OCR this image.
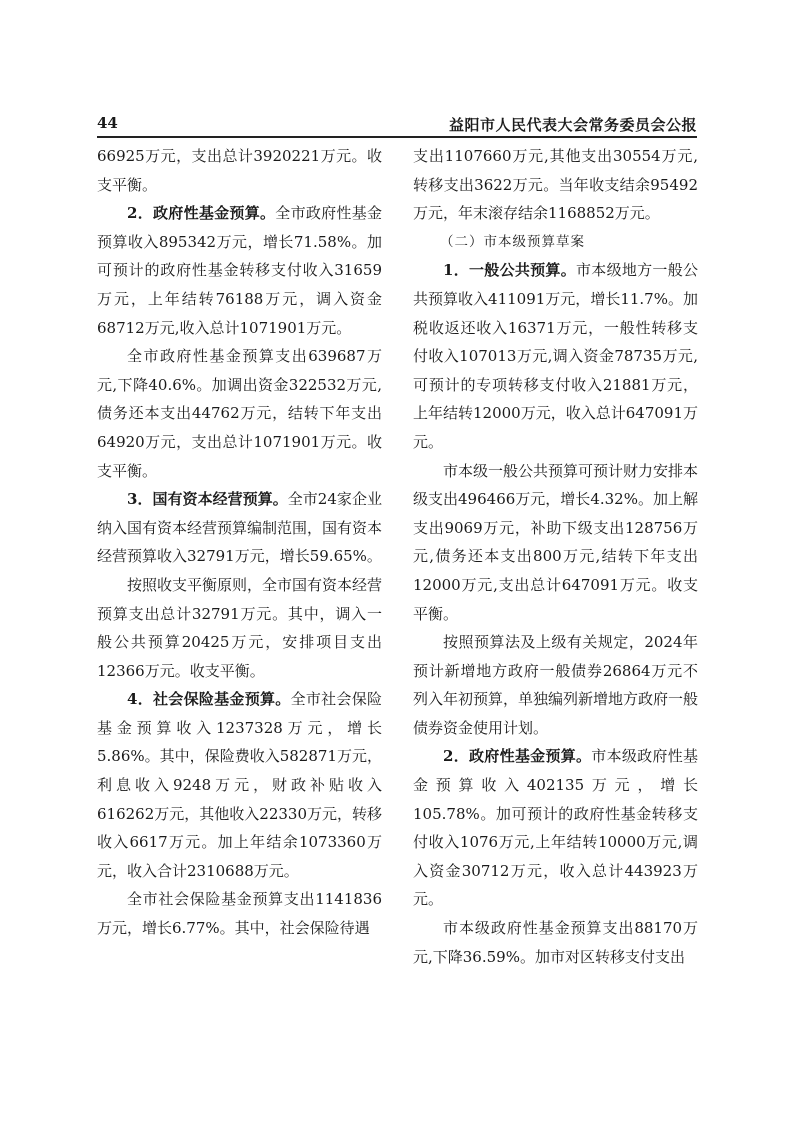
44	益阳市人民代表大会常务委员会公报

66925万元，支出总计3920221万元。收支平衡。

2．政府性基金预算。全市政府性基金预算收入895342万元，增长71.58%。加可预计的政府性基金转移支付收入31659万元，上年结转76188万元，调入资金68712万元,收入总计1071901万元。

全市政府性基金预算支出639687万元,下降40.6%。加调出资金322532万元,债务还本支出44762万元，结转下年支出64920万元，支出总计1071901万元。收支平衡。

3．国有资本经营预算。全市24家企业纳入国有资本经营预算编制范围，国有资本经营预算收入32791万元，增长59.65%。

按照收支平衡原则，全市国有资本经营预算支出总计32791万元。其中，调入一般公共预算20425万元，安排项目支出12366万元。收支平衡。

4．社会保险基金预算。全市社会保险基金预算收入1237328万元，增长5.86%。其中，保险费收入582871万元，利息收入9248万元，财政补贴收入616262万元，其他收入22330万元，转移收入6617万元。加上年结余1073360万元，收入合计2310688万元。

全市社会保险基金预算支出1141836万元，增长6.77%。其中，社会保险待遇

支出1107660万元,其他支出30554万元,转移支出3622万元。当年收支结余95492万元，年末滚存结余1168852万元。

（二）市本级预算草案

1．一般公共预算。市本级地方一般公共预算收入411091万元，增长11.7%。加税收返还收入16371万元，一般性转移支付收入107013万元,调入资金78735万元,可预计的专项转移支付收入21881万元，上年结转12000万元，收入总计647091万元。

市本级一般公共预算可预计财力安排本级支出496466万元，增长4.32%。加上解支出9069万元，补助下级支出128756万元,债务还本支出800万元,结转下年支出12000万元,支出总计647091万元。收支平衡。

按照预算法及上级有关规定，2024年预计新增地方政府一般债券26864万元不列入年初预算，单独编列新增地方政府一般债券资金使用计划。

2．政府性基金预算。市本级政府性基金预算收入402135万元，增长105.78%。加可预计的政府性基金转移支付收入1076万元,上年结转10000万元,调入资金30712万元，收入总计443923万元。

市本级政府性基金预算支出88170万元,下降36.59%。加市对区转移支付支出
